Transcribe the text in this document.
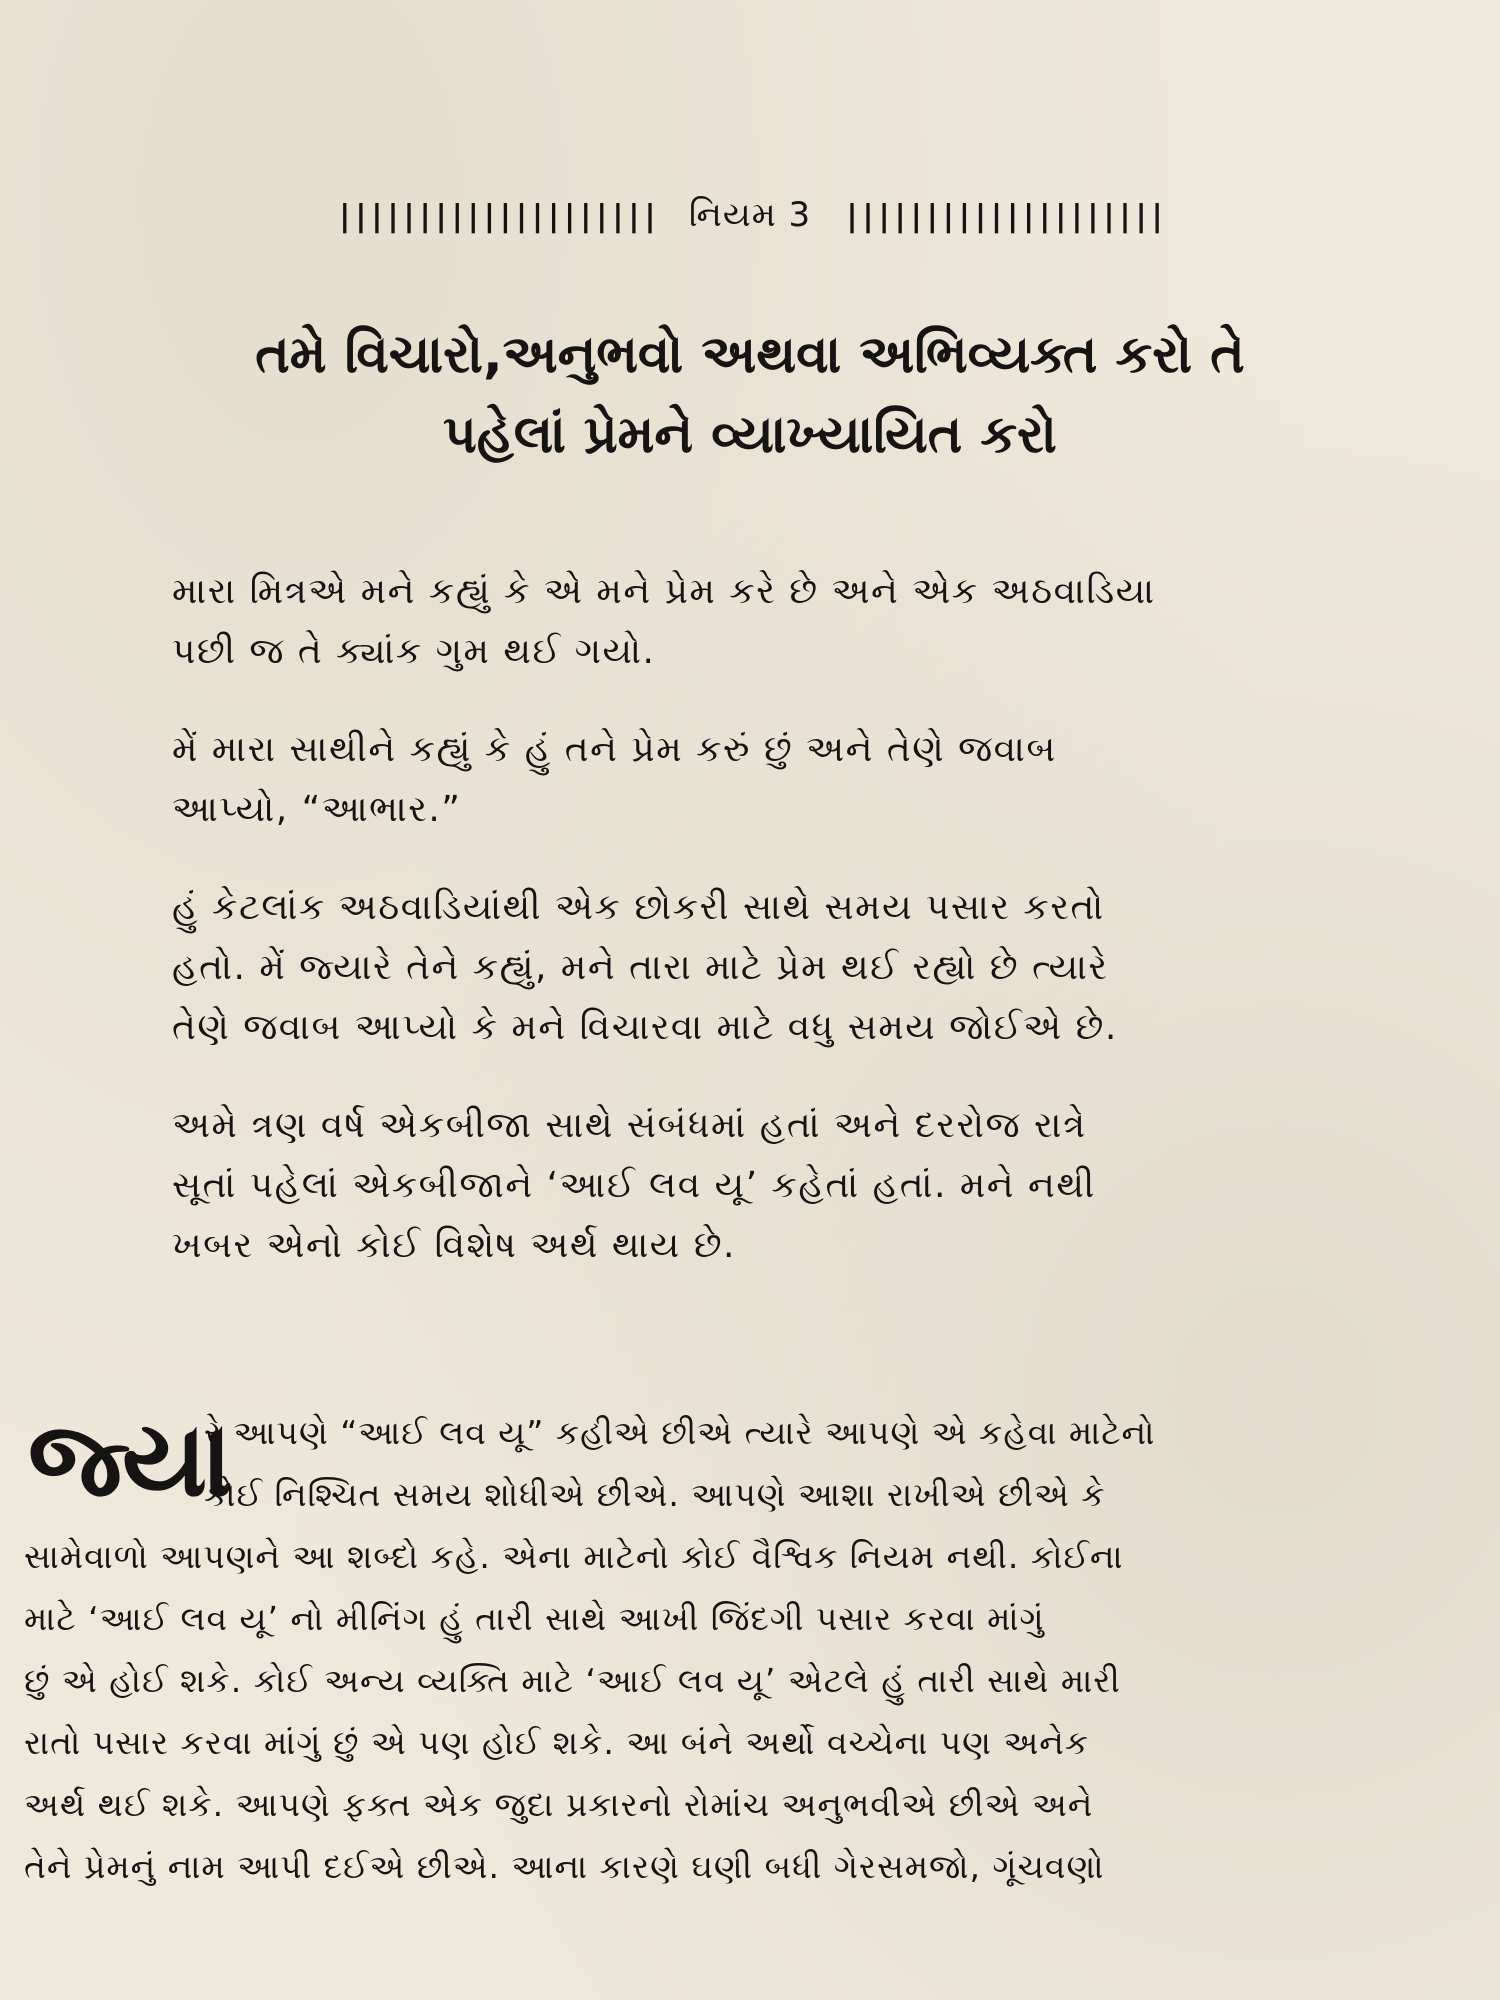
|||||||||||||||||||| નિયમ 3 ||||||||||||||||||||
તમે વિચારો,અનુભવો અથવા અભિવ્યક્ત કરો તે
પહેલાં પ્રેમને વ્યાખ્યાયિત કરો

મારા મિત્રએ મને કહ્યું કે એ મને પ્રેમ કરે છે અને એક અઠવાડિયા
પછી જ તે ક્યાંક ગુમ થઈ ગયો.

મેં મારા સાથીને કહ્યું કે હું તને પ્રેમ કરું છું અને તેણે જવાબ
આપ્યો, “આભાર.”

હું કેટલાંક અઠવાડિયાંથી એક છોકરી સાથે સમય પસાર કરતો
હતો. મેં જ્યારે તેને કહ્યું, મને તારા માટે પ્રેમ થઈ રહ્યો છે ત્યારે
તેણે જવાબ આપ્યો કે મને વિચારવા માટે વધુ સમય જોઈએ છે.

અમે ત્રણ વર્ષ એકબીજા સાથે સંબંધમાં હતાં અને દરરોજ રાત્રે
સૂતાં પહેલાં એકબીજાને ‘આઈ લવ યૂ’ કહેતાં હતાં. મને નથી
ખબર એનો કોઈ વિશેષ અર્થ થાય છે.

જ્યા

રે આપણે “આઈ લવ યૂ” કહીએ છીએ ત્યારે આપણે એ કહેવા માટેનો
કોઈ નિશ્ચિત સમય શોધીએ છીએ. આપણે આશા રાખીએ છીએ કે
સામેવાળો આપણને આ શબ્દો કહે. એના માટેનો કોઈ વૈશ્વિક નિયમ નથી. કોઈના
માટે ‘આઈ લવ યૂ’ નો મીનિંગ હું તારી સાથે આખી જિંદગી પસાર કરવા માંગું
છું એ હોઈ શકે. કોઈ અન્ય વ્યક્તિ માટે ‘આઈ લવ યૂ’ એટલે હું તારી સાથે મારી
રાતો પસાર કરવા માંગું છું એ પણ હોઈ શકે. આ બંને અર્થો વચ્ચેના પણ અનેક
અર્થ થઈ શકે. આપણે ફક્ત એક જુદા પ્રકારનો રોમાંચ અનુભવીએ છીએ અને
તેને પ્રેમનું નામ આપી દઈએ છીએ. આના કારણે ઘણી બધી ગેરસમજો, ગૂંચવણો
